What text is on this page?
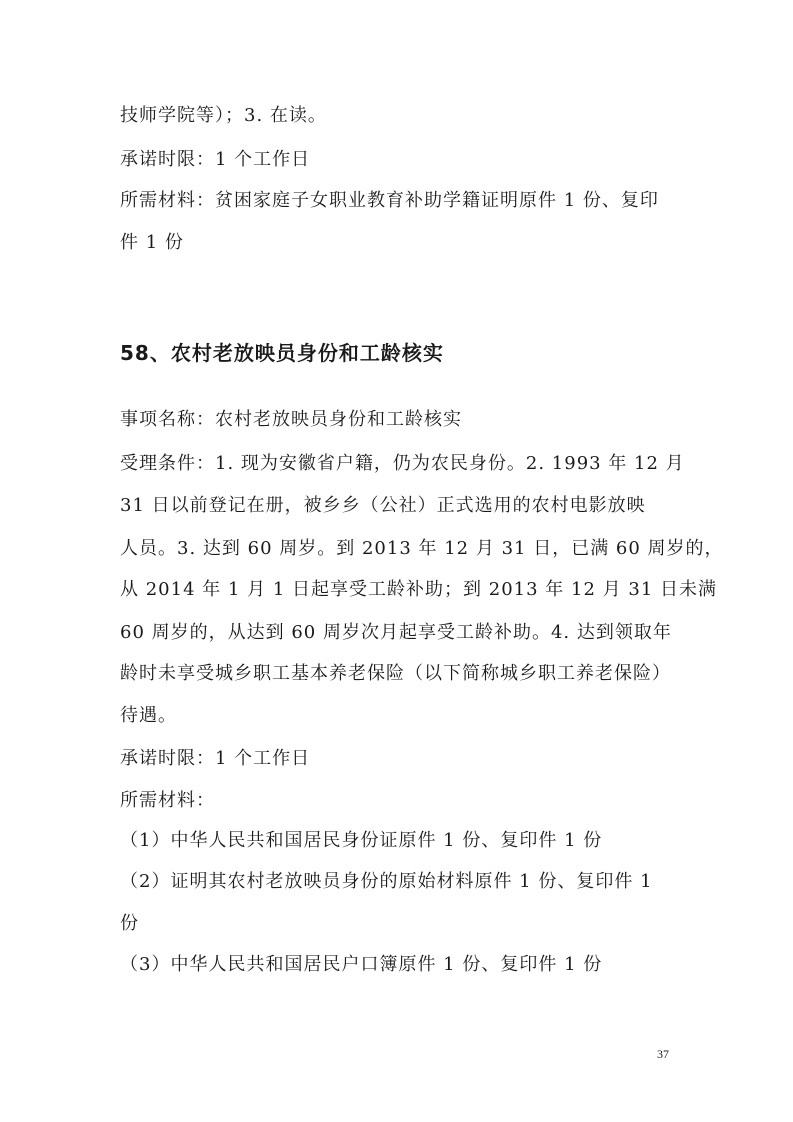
技师学院等）；3. 在读。
承诺时限：1 个工作日
所需材料：贫困家庭子女职业教育补助学籍证明原件 1 份、复印
件 1 份
58、农村老放映员身份和工龄核实
事项名称：农村老放映员身份和工龄核实
受理条件：1. 现为安徽省户籍，仍为农民身份。2. 1993 年 12 月
31 日以前登记在册，被乡乡（公社）正式选用的农村电影放映
人员。3. 达到 60 周岁。到 2013 年 12 月 31 日，已满 60 周岁的，
从 2014 年 1 月 1 日起享受工龄补助；到 2013 年 12 月 31 日未满
60 周岁的，从达到 60 周岁次月起享受工龄补助。4. 达到领取年
龄时未享受城乡职工基本养老保险（以下简称城乡职工养老保险）
待遇。
承诺时限：1 个工作日
所需材料：
（1）中华人民共和国居民身份证原件 1 份、复印件 1 份
（2）证明其农村老放映员身份的原始材料原件 1 份、复印件 1
份
（3）中华人民共和国居民户口簿原件 1 份、复印件 1 份
37
